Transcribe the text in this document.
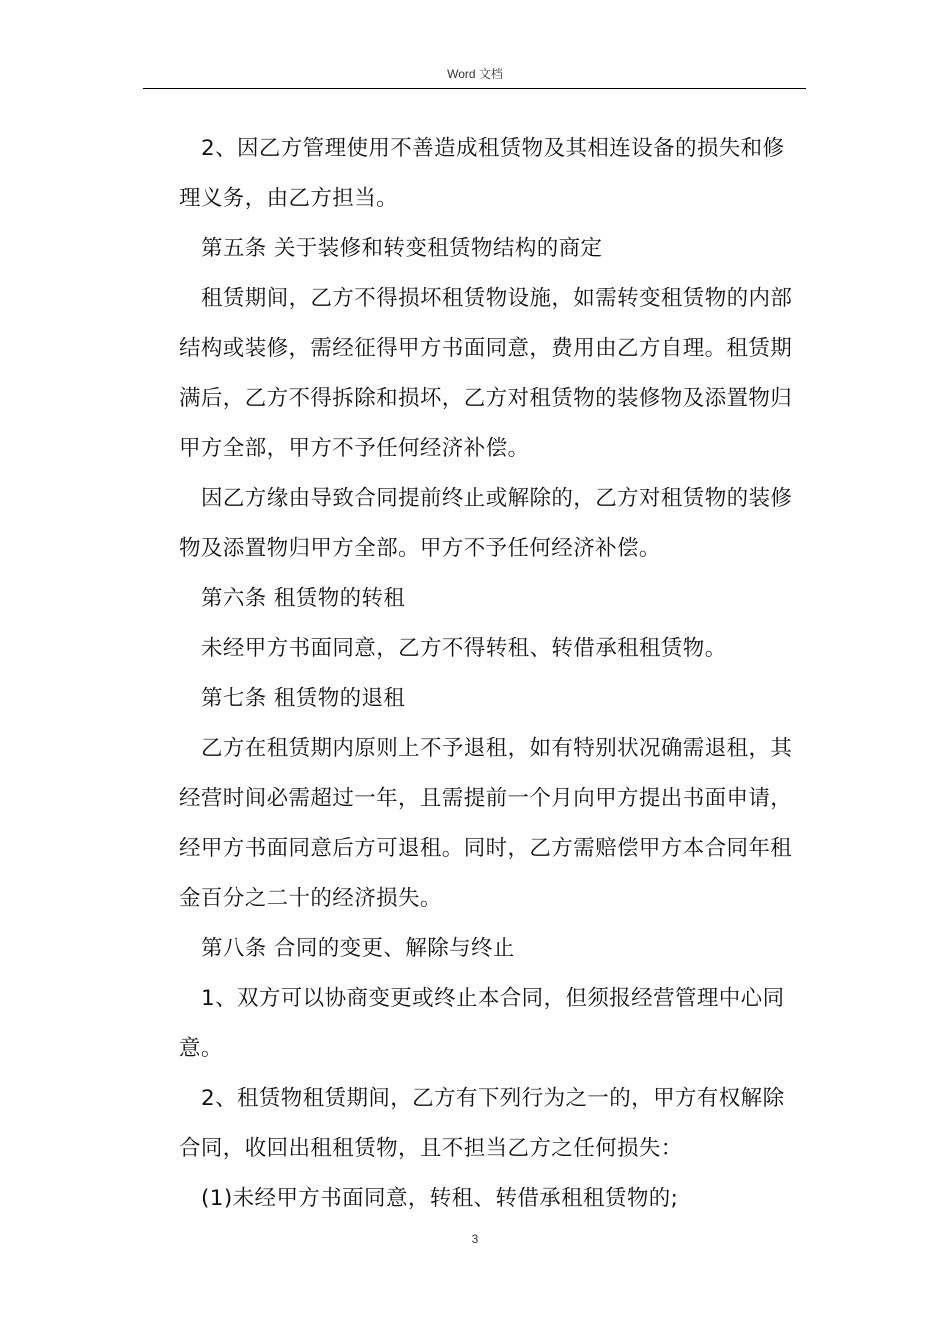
Word 文档

2、因乙方管理使用不善造成租赁物及其相连设备的损失和修理义务，由乙方担当。

第五条 关于装修和转变租赁物结构的商定

租赁期间，乙方不得损坏租赁物设施，如需转变租赁物的内部结构或装修，需经征得甲方书面同意，费用由乙方自理。租赁期满后，乙方不得拆除和损坏，乙方对租赁物的装修物及添置物归甲方全部，甲方不予任何经济补偿。

因乙方缘由导致合同提前终止或解除的，乙方对租赁物的装修物及添置物归甲方全部。甲方不予任何经济补偿。

第六条 租赁物的转租

未经甲方书面同意，乙方不得转租、转借承租租赁物。

第七条 租赁物的退租

乙方在租赁期内原则上不予退租，如有特别状况确需退租，其经营时间必需超过一年，且需提前一个月向甲方提出书面申请，经甲方书面同意后方可退租。同时，乙方需赔偿甲方本合同年租金百分之二十的经济损失。

第八条 合同的变更、解除与终止

1、双方可以协商变更或终止本合同，但须报经营管理中心同意。

2、租赁物租赁期间，乙方有下列行为之一的，甲方有权解除合同，收回出租租赁物，且不担当乙方之任何损失：

(1)未经甲方书面同意，转租、转借承租租赁物的;

3
